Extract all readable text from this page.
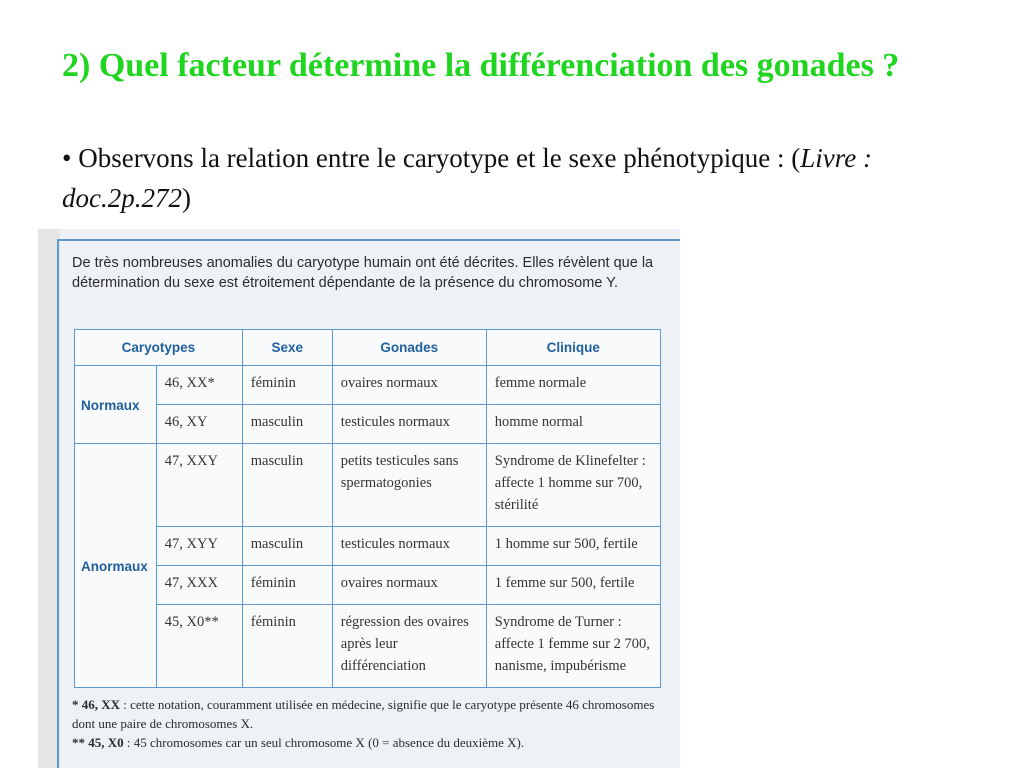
2) Quel facteur détermine la différenciation des gonades ?

• Observons la relation entre le caryotype et le sexe phénotypique : (Livre : doc.2p.272)

De très nombreuses anomalies du caryotype humain ont été décrites. Elles révèlent que la détermination du sexe est étroitement dépendante de la présence du chromosome Y.

Caryotypes		Sexe	Gonades	Clinique
Normaux	46, XX*	féminin	ovaires normaux	femme normale
	46, XY	masculin	testicules normaux	homme normal
Anormaux	47, XXY	masculin	petits testicules sans spermatogonies	Syndrome de Klinefelter : affecte 1 homme sur 700, stérilité
	47, XYY	masculin	testicules normaux	1 homme sur 500, fertile
	47, XXX	féminin	ovaires normaux	1 femme sur 500, fertile
	45, X0**	féminin	régression des ovaires après leur différenciation	Syndrome de Turner : affecte 1 femme sur 2 700, nanisme, impubérisme

* 46, XX : cette notation, couramment utilisée en médecine, signifie que le caryotype présente 46 chromosomes dont une paire de chromosomes X.

** 45, X0 : 45 chromosomes car un seul chromosome X (0 = absence du deuxième X).
